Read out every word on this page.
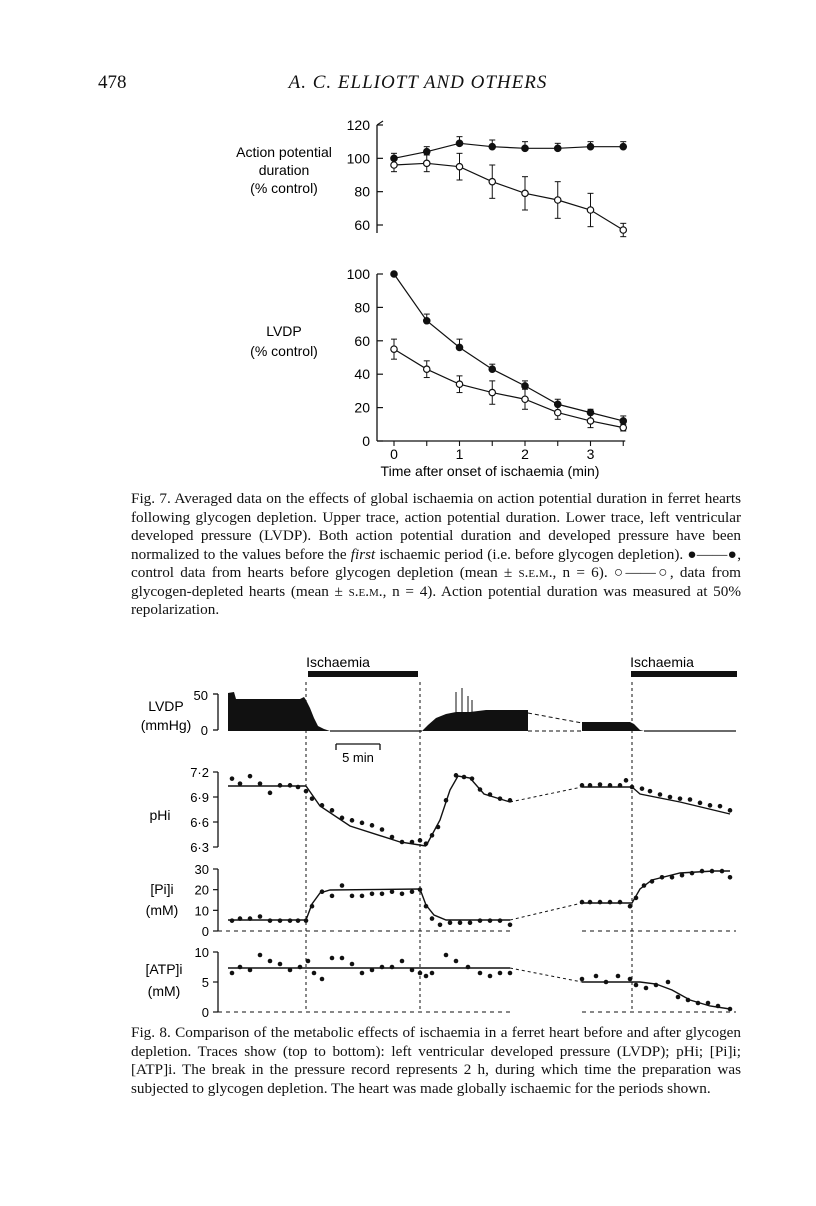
478	A. C. ELLIOTT AND OTHERS
Action potential
duration
(% control)
LVDP
(% control)
Time after onset of ischaemia (min)
60
80
100
120
0
20
40
60
80
100
0	1	2	3
Fig. 7. Averaged data on the effects of global ischaemia on action potential duration in ferret hearts following glycogen depletion. Upper trace, action potential duration. Lower trace, left ventricular developed pressure (LVDP). Both action potential duration and developed pressure have been normalized to the values before the first ischaemic period (i.e. before glycogen depletion). ●——●, control data from hearts before glycogen depletion (mean ± s.e.m., n = 6). ○——○, data from glycogen-depleted hearts (mean ± s.e.m., n = 4). Action potential duration was measured at 50% repolarization.
Ischaemia	Ischaemia
LVDP
(mmHg)
pHi
[Pi]i
(mM)
[ATP]i
(mM)
50
0
5 min
6·3
6·6
6·9
7·2
0
10
20
30
0
5
10
Fig. 8. Comparison of the metabolic effects of ischaemia in a ferret heart before and after glycogen depletion. Traces show (top to bottom): left ventricular developed pressure (LVDP); pHi; [Pi]i; [ATP]i. The break in the pressure record represents 2 h, during which time the preparation was subjected to glycogen depletion. The heart was made globally ischaemic for the periods shown.
